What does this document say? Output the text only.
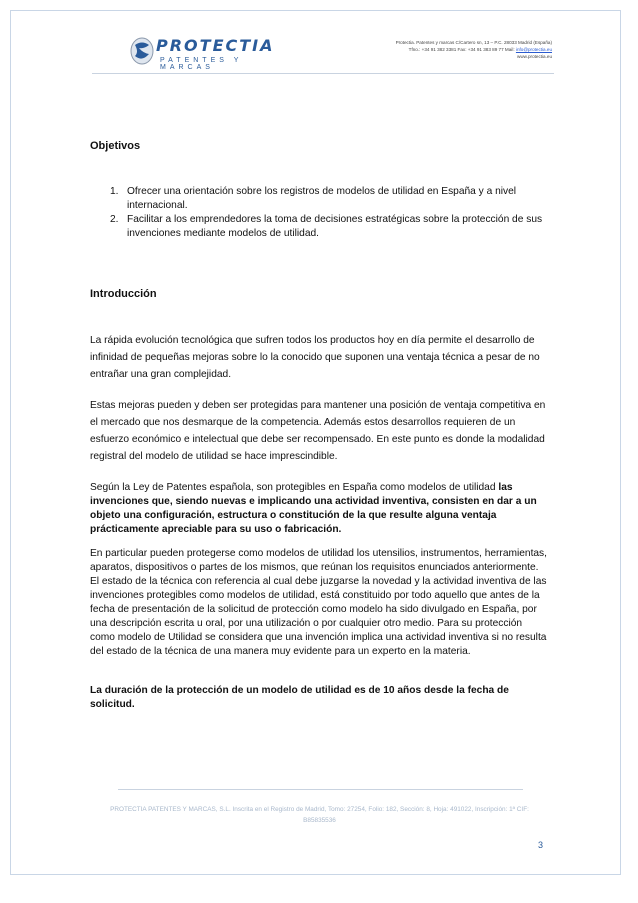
PROTECTIA
PATENTES Y MARCAS
Protectia. Patentes y marcas C/Cartero sn, 13 – P.C. 28033 Madrid (España)
Tfno.: +34 91 382 3381 Fax: +34 91 383 89 77 Mail: info@protectia.eu
www.protectia.eu
Objetivos
1. Ofrecer una orientación sobre los registros de modelos de utilidad en España y a nivel internacional.
2. Facilitar a los emprendedores la toma de decisiones estratégicas sobre la protección de sus invenciones mediante modelos de utilidad.
Introducción
La rápida evolución tecnológica que sufren todos los productos hoy en día permite el desarrollo de infinidad de pequeñas mejoras sobre lo la conocido que suponen una ventaja técnica a pesar de no entrañar una gran complejidad.
Estas mejoras pueden y deben ser protegidas para mantener una posición de ventaja competitiva en el mercado que nos desmarque de la competencia. Además estos desarrollos requieren de un esfuerzo económico e intelectual que debe ser recompensado. En este punto es donde la modalidad registral del modelo de utilidad se hace imprescindible.
Según la Ley de Patentes española, son protegibles en España como modelos de utilidad las invenciones que, siendo nuevas e implicando una actividad inventiva, consisten en dar a un objeto una configuración, estructura o constitución de la que resulte alguna ventaja prácticamente apreciable para su uso o fabricación.
En particular pueden protegerse como modelos de utilidad los utensilios, instrumentos, herramientas, aparatos, dispositivos o partes de los mismos, que reúnan los requisitos enunciados anteriormente. El estado de la técnica con referencia al cual debe juzgarse la novedad y la actividad inventiva de las invenciones protegibles como modelos de utilidad, está constituido por todo aquello que antes de la fecha de presentación de la solicitud de protección como modelo ha sido divulgado en España, por una descripción escrita u oral, por una utilización o por cualquier otro medio. Para su protección como modelo de Utilidad se considera que una invención implica una actividad inventiva si no resulta del estado de la técnica de una manera muy evidente para un experto en la materia.
La duración de la protección de un modelo de utilidad es de 10 años desde la fecha de solicitud.
PROTECTIA PATENTES Y MARCAS, S.L. Inscrita en el Registro de Madrid, Tomo: 27254, Folio: 182, Sección: 8, Hoja: 491022, Inscripción: 1ª CIF:
B85835536
3
